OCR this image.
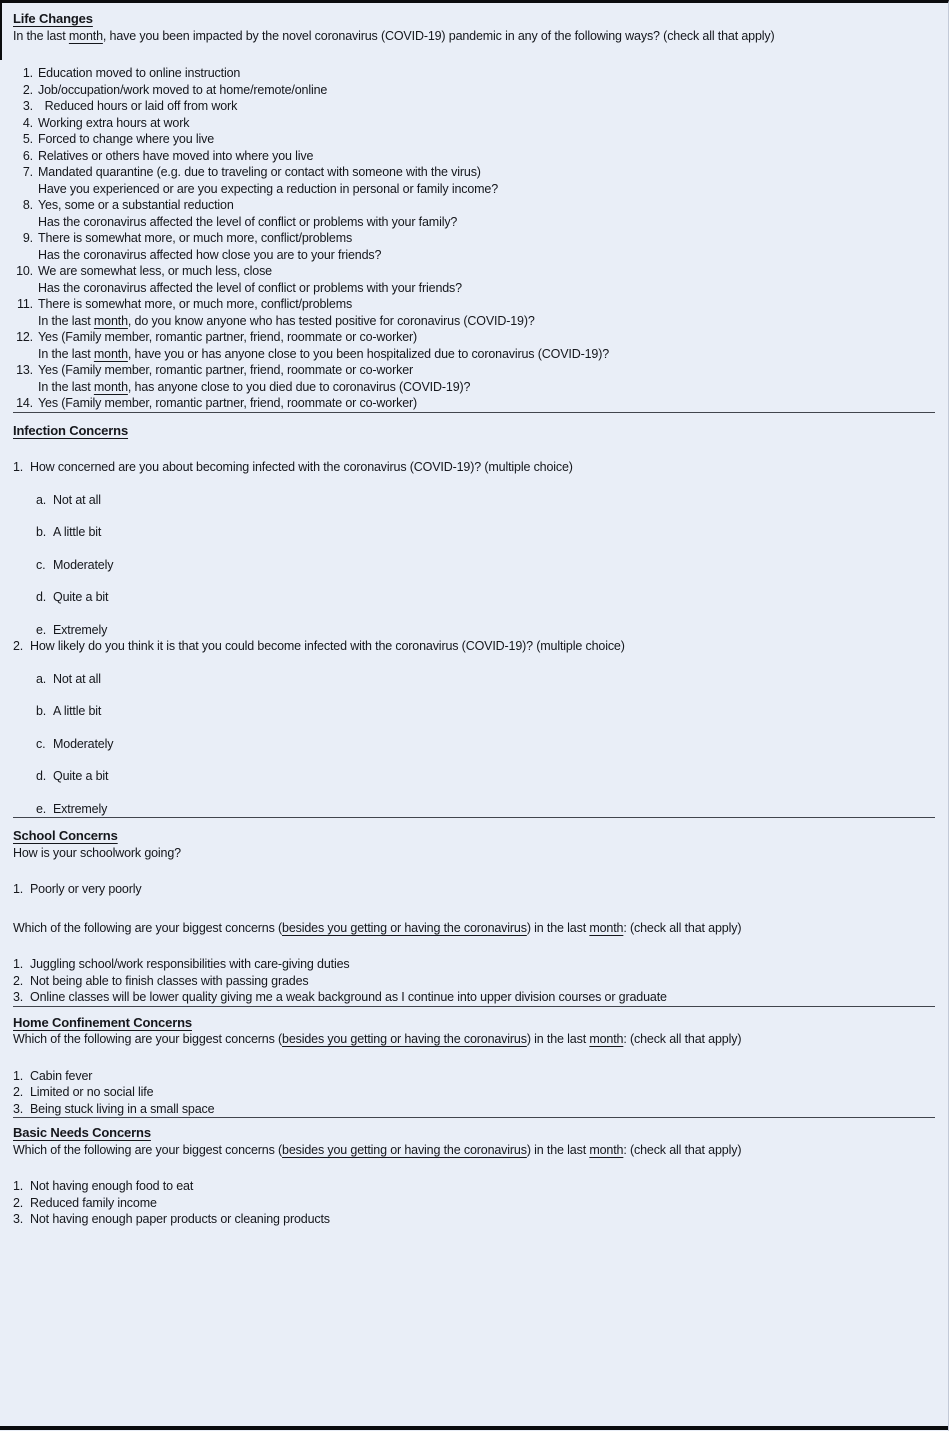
Life Changes

In the last month, have you been impacted by the novel coronavirus (COVID-19) pandemic in any of the following ways? (check all that apply)

1. Education moved to online instruction
2. Job/occupation/work moved to at home/remote/online
3. Reduced hours or laid off from work
4. Working extra hours at work
5. Forced to change where you live
6. Relatives or others have moved into where you live
7. Mandated quarantine (e.g. due to traveling or contact with someone with the virus)
Have you experienced or are you expecting a reduction in personal or family income?
8. Yes, some or a substantial reduction
Has the coronavirus affected the level of conflict or problems with your family?
9. There is somewhat more, or much more, conflict/problems
Has the coronavirus affected how close you are to your friends?
10. We are somewhat less, or much less, close
Has the coronavirus affected the level of conflict or problems with your friends?
11. There is somewhat more, or much more, conflict/problems
In the last month, do you know anyone who has tested positive for coronavirus (COVID-19)?
12. Yes (Family member, romantic partner, friend, roommate or co-worker)
In the last month, have you or has anyone close to you been hospitalized due to coronavirus (COVID-19)?
13. Yes (Family member, romantic partner, friend, roommate or co-worker
In the last month, has anyone close to you died due to coronavirus (COVID-19)?
14. Yes (Family member, romantic partner, friend, roommate or co-worker)
Infection Concerns
1. How concerned are you about becoming infected with the coronavirus (COVID-19)? (multiple choice)
a. Not at all
b. A little bit
c. Moderately
d. Quite a bit
e. Extremely
2. How likely do you think it is that you could become infected with the coronavirus (COVID-19)? (multiple choice)
a. Not at all
b. A little bit
c. Moderately
d. Quite a bit
e. Extremely
School Concerns

How is your schoolwork going?

1. Poorly or very poorly

Which of the following are your biggest concerns (besides you getting or having the coronavirus) in the last month: (check all that apply)

1. Juggling school/work responsibilities with care-giving duties
2. Not being able to finish classes with passing grades
3. Online classes will be lower quality giving me a weak background as I continue into upper division courses or graduate
Home Confinement Concerns

Which of the following are your biggest concerns (besides you getting or having the coronavirus) in the last month: (check all that apply)

1. Cabin fever
2. Limited or no social life
3. Being stuck living in a small space
Basic Needs Concerns

Which of the following are your biggest concerns (besides you getting or having the coronavirus) in the last month: (check all that apply)

1. Not having enough food to eat
2. Reduced family income
3. Not having enough paper products or cleaning products
